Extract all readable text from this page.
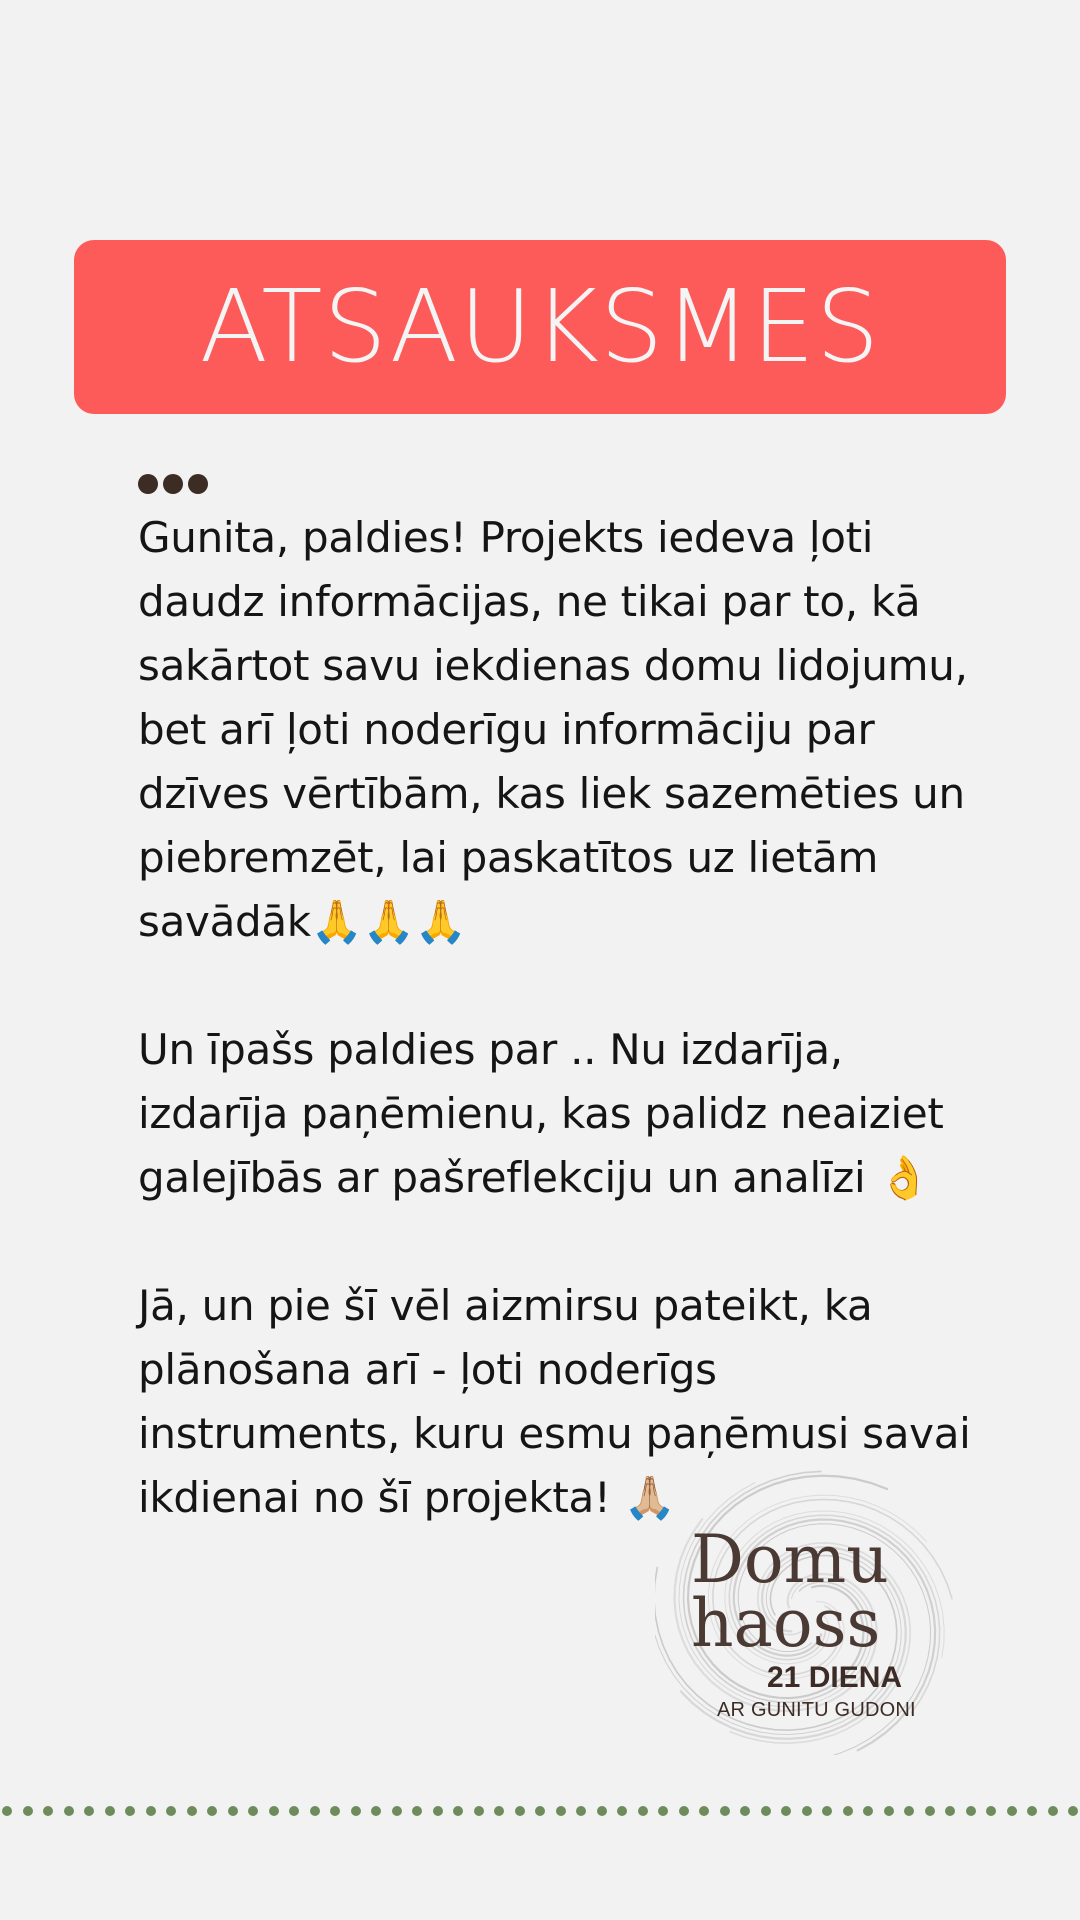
ATSAUKSMES
Gunita, paldies! Projekts iedeva ļoti
daudz informācijas, ne tikai par to, kā
sakārtot savu iekdienas domu lidojumu,
bet arī ļoti noderīgu informāciju par
dzīves vērtībām, kas liek sazemēties un
piebremzēt, lai paskatītos uz lietām
savādāk🙏🙏🙏

Un īpašs paldies par .. Nu izdarīja,
izdarīja paņēmienu, kas palidz neaiziet
galejībās ar pašreflekciju un analīzi 👌

Jā, un pie šī vēl aizmirsu pateikt, ka
plānošana arī - ļoti noderīgs
instruments, kuru esmu paņēmusi savai
ikdienai no šī projekta! 🙏🏼
Domu
haoss
21 DIENA
AR GUNITU GUDONI
